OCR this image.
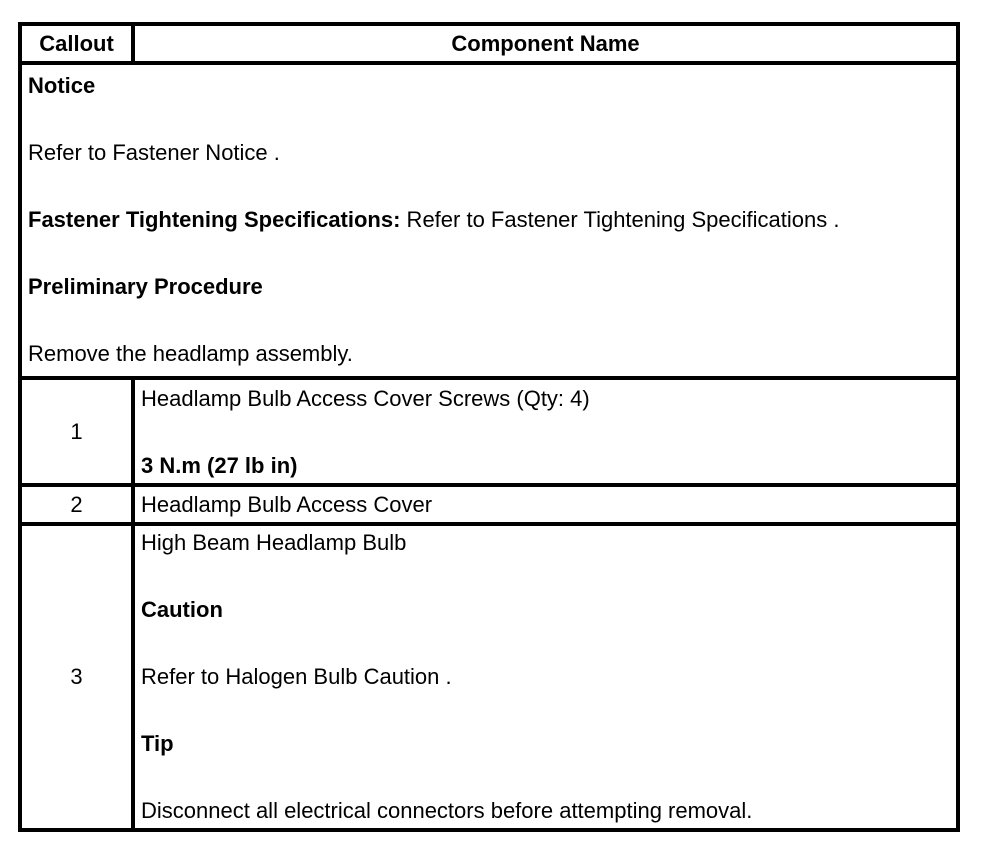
Callout	Component Name

Notice
Refer to Fastener Notice .
Fastener Tightening Specifications: Refer to Fastener Tightening Specifications .
Preliminary Procedure
Remove the headlamp assembly.	

1	Headlamp Bulb Access Cover Screws (Qty: 4)
3 N.m (27 lb in)

2	Headlamp Bulb Access Cover

3	High Beam Headlamp Bulb
Caution
Refer to Halogen Bulb Caution .
Tip
Disconnect all electrical connectors before attempting removal.
